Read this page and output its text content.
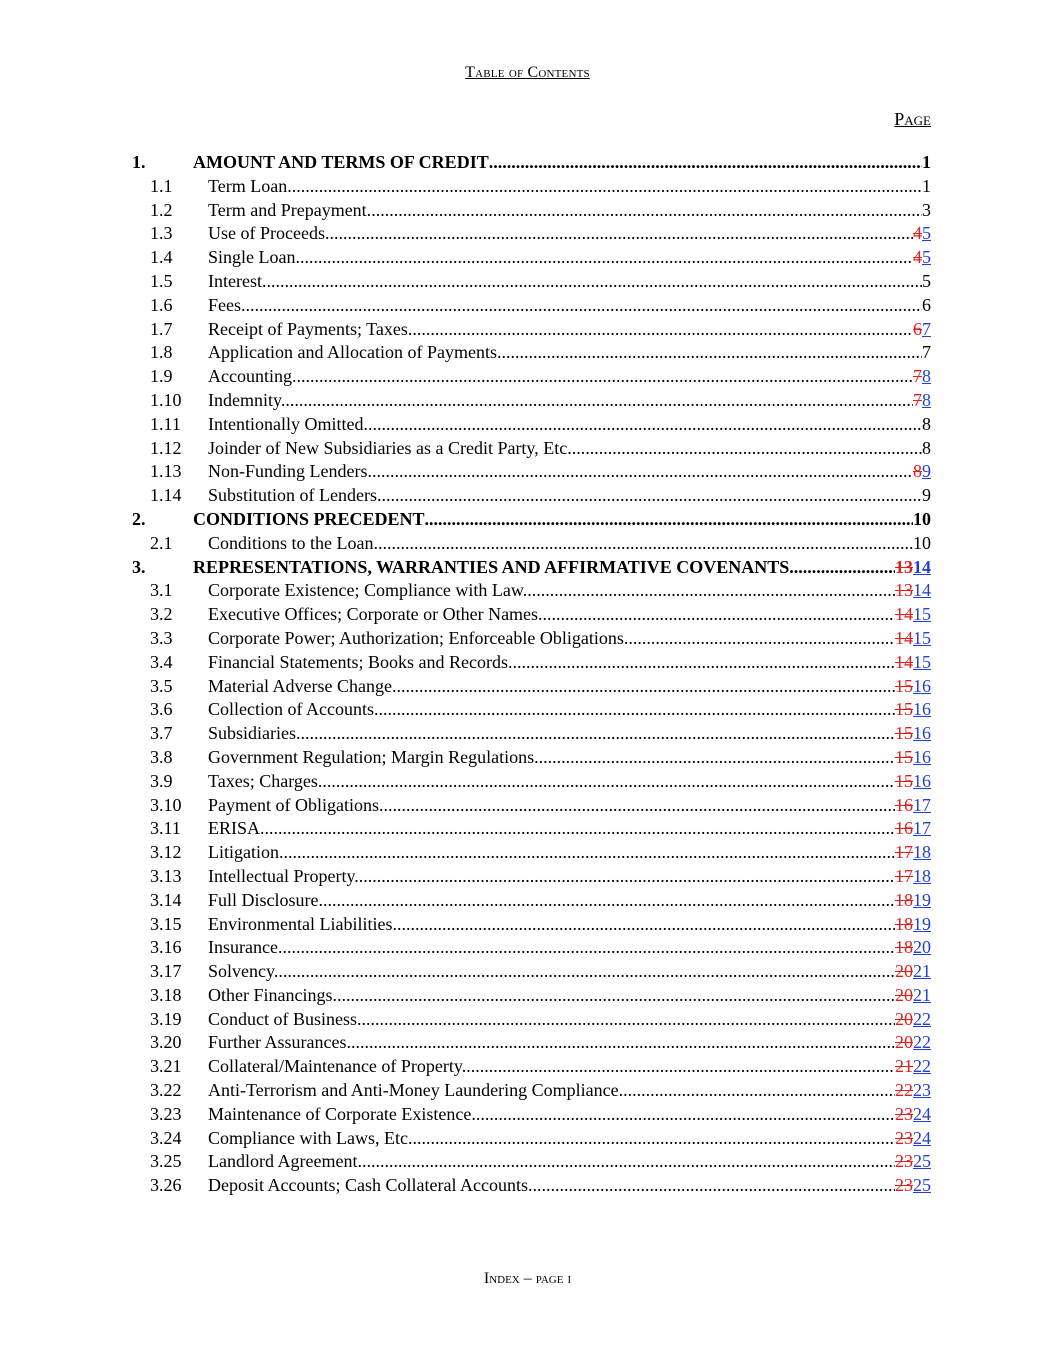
Table of Contents
Page
1.	AMOUNT AND TERMS OF CREDIT .....	1
1.1 Term Loan. .....	1
1.2 Term and Prepayment. .....	3
1.3 Use of Proceeds. .....	45
1.4 Single Loan. .....	45
1.5 Interest .....	5
1.6 Fees. .....	6
1.7 Receipt of Payments; Taxes. .....	67
1.8 Application and Allocation of Payments. .....	7
1.9 Accounting. .....	78
1.10 Indemnity. .....	78
1.11 Intentionally Omitted. .....	8
1.12 Joinder of New Subsidiaries as a Credit Party, Etc. .....	8
1.13 Non-Funding Lenders. .....	89
1.14 Substitution of Lenders. .....	9
2.	CONDITIONS PRECEDENT .....	10
2.1 Conditions to the Loan. .....	10
3.	REPRESENTATIONS, WARRANTIES AND AFFIRMATIVE COVENANTS .....	1314
3.1 Corporate Existence; Compliance with Law. .....	1314
3.2 Executive Offices; Corporate or Other Names. .....	1415
3.3 Corporate Power; Authorization; Enforceable Obligations. .....	1415
3.4 Financial Statements; Books and Records. .....	1415
3.5 Material Adverse Change. .....	1516
3.6 Collection of Accounts. .....	1516
3.7 Subsidiaries. .....	1516
3.8 Government Regulation; Margin Regulations .....	1516
3.9 Taxes; Charges. .....	1516
3.10 Payment of Obligations. .....	1617
3.11 ERISA. .....	1617
3.12 Litigation. .....	1718
3.13 Intellectual Property. .....	1718
3.14 Full Disclosure. .....	1819
3.15 Environmental Liabilities. .....	1819
3.16 Insurance. .....	1820
3.17 Solvency. .....	2021
3.18 Other Financings. .....	2021
3.19 Conduct of Business .....	2022
3.20 Further Assurances. .....	2022
3.21 Collateral/Maintenance of Property. .....	2122
3.22 Anti-Terrorism and Anti-Money Laundering Compliance. .....	2223
3.23 Maintenance of Corporate Existence. .....	2324
3.24 Compliance with Laws, Etc. .....	2324
3.25 Landlord Agreement. .....	2325
3.26 Deposit Accounts; Cash Collateral Accounts. .....	2325
Index – page i
